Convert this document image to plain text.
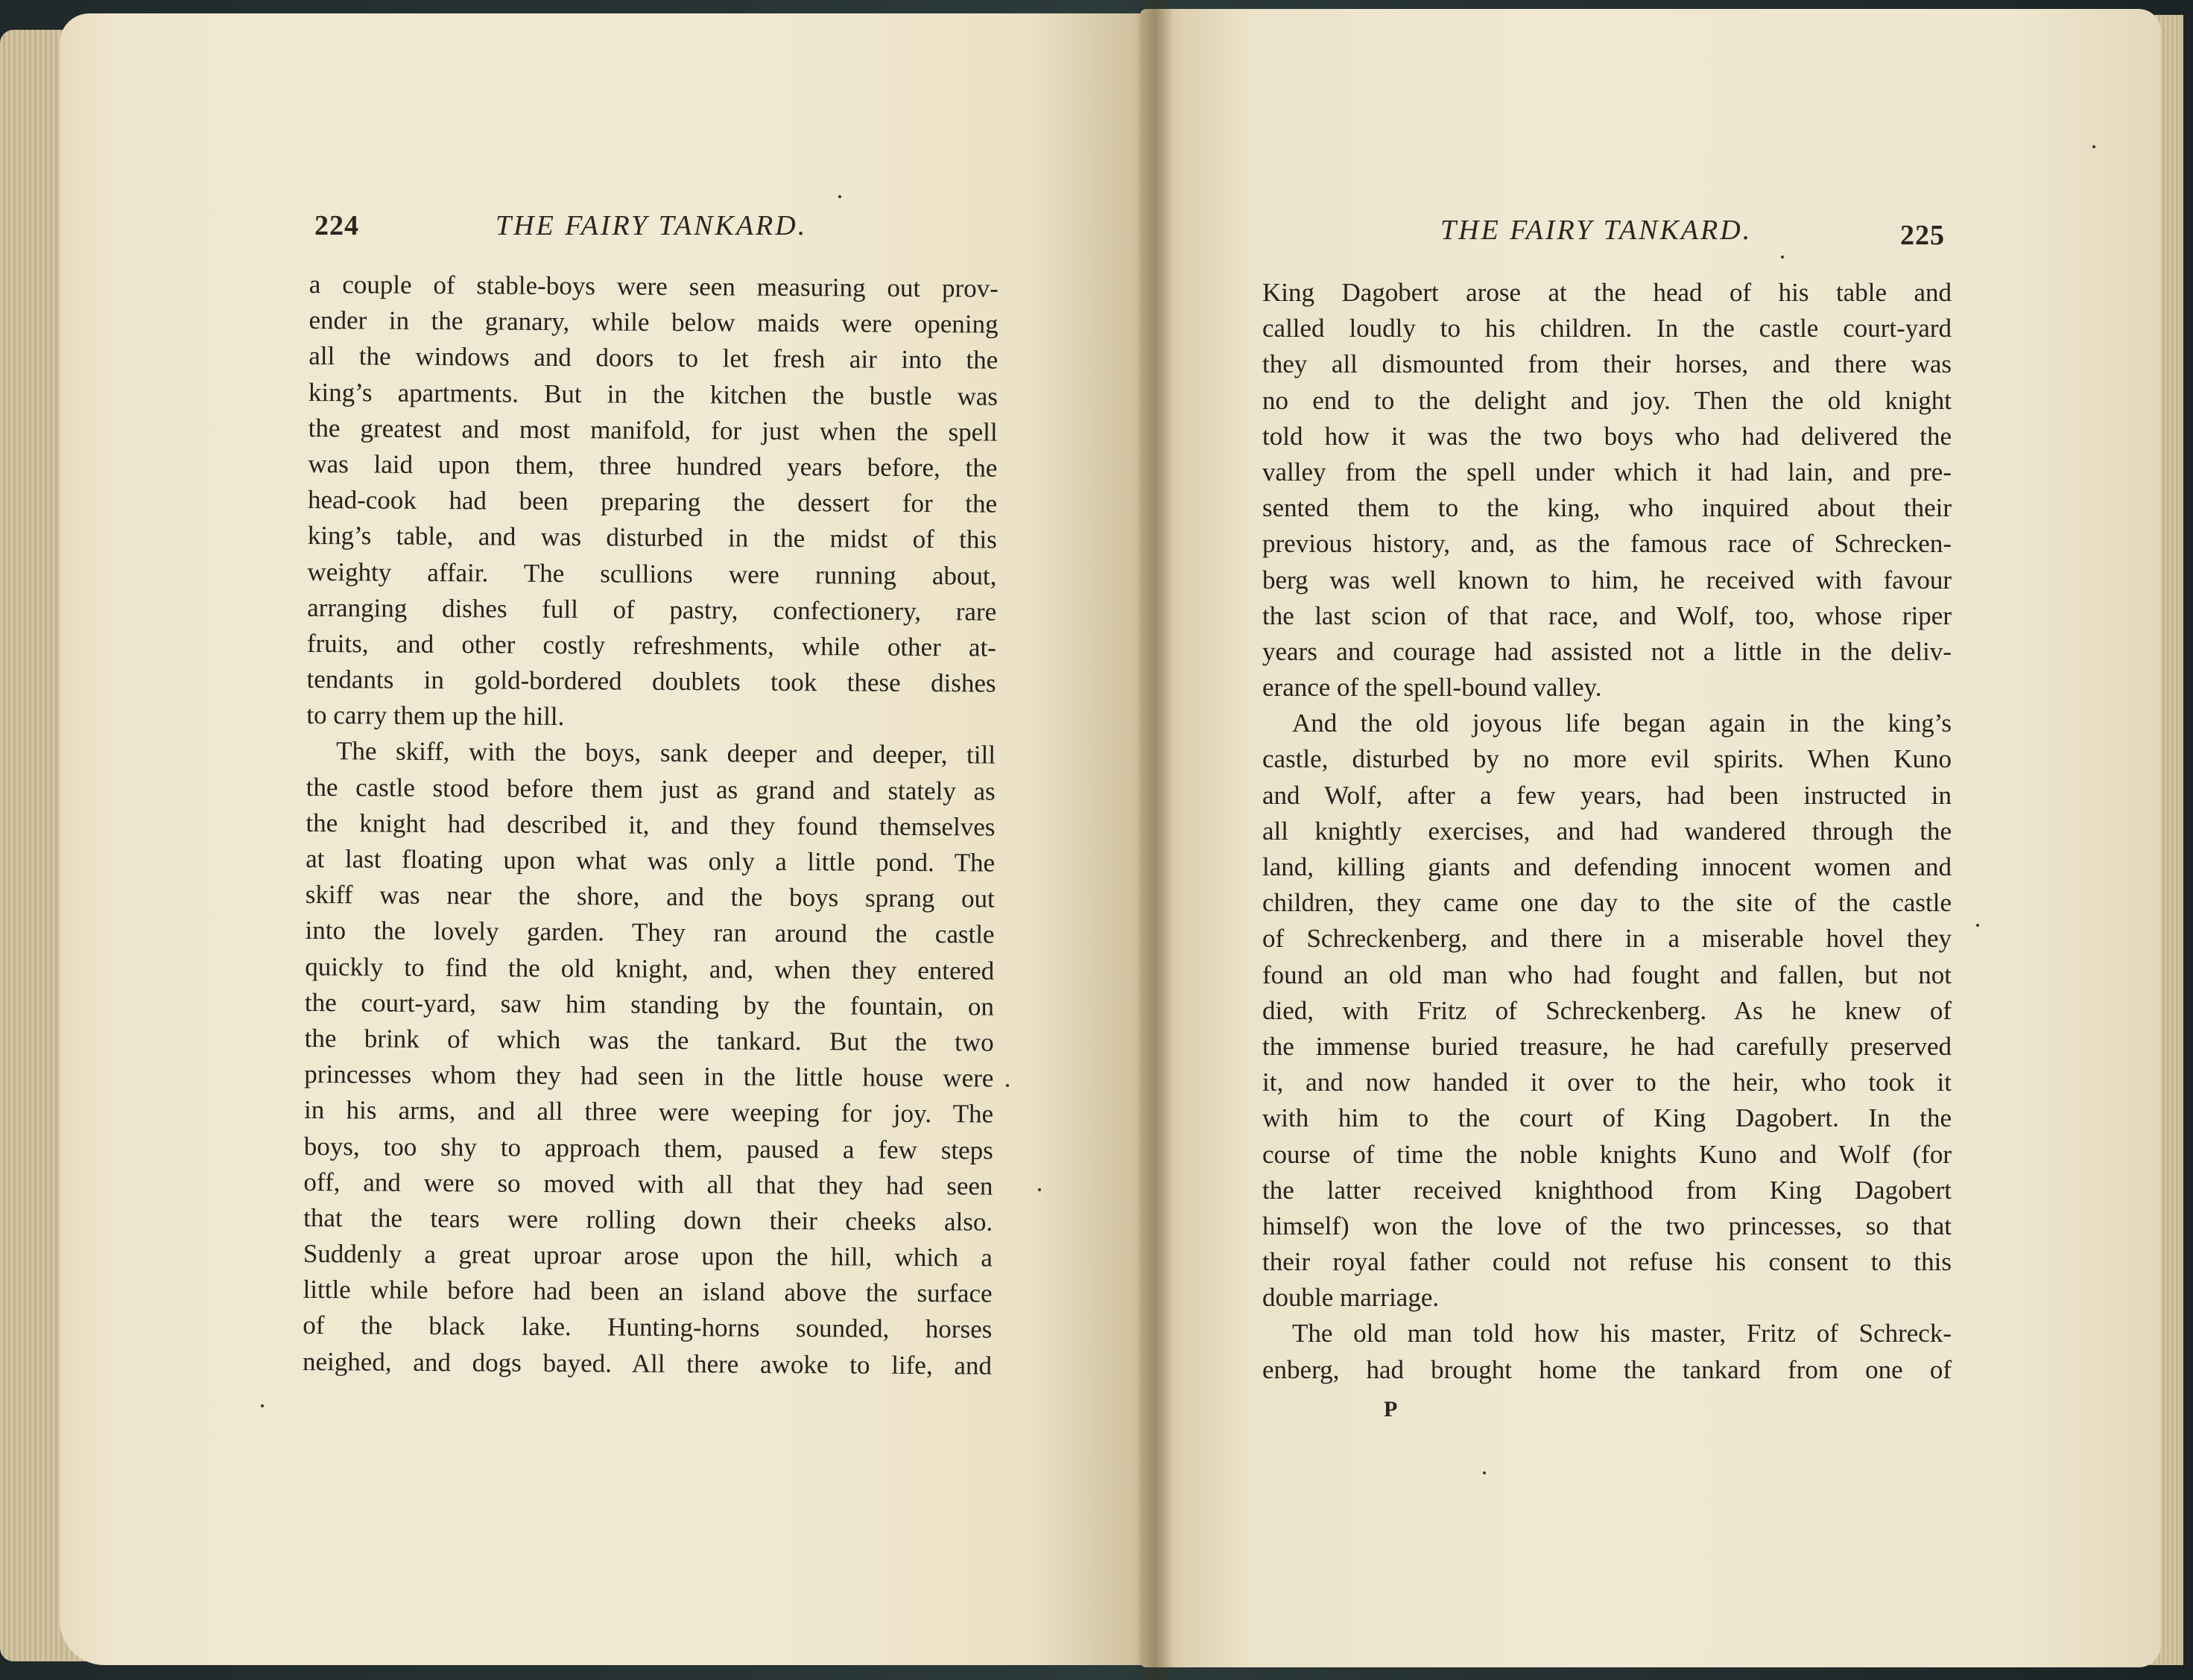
224	THE FAIRY TANKARD.	THE FAIRY TANKARD.	225
a couple of stable-boys were seen measuring out prov-
ender in the granary, while below maids were opening
all the windows and doors to let fresh air into the
king’s apartments. But in the kitchen the bustle was
the greatest and most manifold, for just when the spell
was laid upon them, three hundred years before, the
head-cook had been preparing the dessert for the
king’s table, and was disturbed in the midst of this
weighty affair. The scullions were running about,
arranging dishes full of pastry, confectionery, rare
fruits, and other costly refreshments, while other at-
tendants in gold-bordered doublets took these dishes
to carry them up the hill.
The skiff, with the boys, sank deeper and deeper, till
the castle stood before them just as grand and stately as
the knight had described it, and they found themselves
at last floating upon what was only a little pond. The
skiff was near the shore, and the boys sprang out
into the lovely garden. They ran around the castle
quickly to find the old knight, and, when they entered
the court-yard, saw him standing by the fountain, on
the brink of which was the tankard. But the two
princesses whom they had seen in the little house were
in his arms, and all three were weeping for joy. The
boys, too shy to approach them, paused a few steps
off, and were so moved with all that they had seen
that the tears were rolling down their cheeks also.
Suddenly a great uproar arose upon the hill, which a
little while before had been an island above the surface
of the black lake. Hunting-horns sounded, horses
neighed, and dogs bayed. All there awoke to life, and
King Dagobert arose at the head of his table and
called loudly to his children. In the castle court-yard
they all dismounted from their horses, and there was
no end to the delight and joy. Then the old knight
told how it was the two boys who had delivered the
valley from the spell under which it had lain, and pre-
sented them to the king, who inquired about their
previous history, and, as the famous race of Schrecken-
berg was well known to him, he received with favour
the last scion of that race, and Wolf, too, whose riper
years and courage had assisted not a little in the deliv-
erance of the spell-bound valley.
And the old joyous life began again in the king’s
castle, disturbed by no more evil spirits. When Kuno
and Wolf, after a few years, had been instructed in
all knightly exercises, and had wandered through the
land, killing giants and defending innocent women and
children, they came one day to the site of the castle
of Schreckenberg, and there in a miserable hovel they
found an old man who had fought and fallen, but not
died, with Fritz of Schreckenberg. As he knew of
the immense buried treasure, he had carefully preserved
it, and now handed it over to the heir, who took it
with him to the court of King Dagobert. In the
course of time the noble knights Kuno and Wolf (for
the latter received knighthood from King Dagobert
himself) won the love of the two princesses, so that
their royal father could not refuse his consent to this
double marriage.
The old man told how his master, Fritz of Schreck-
enberg, had brought home the tankard from one of
P
